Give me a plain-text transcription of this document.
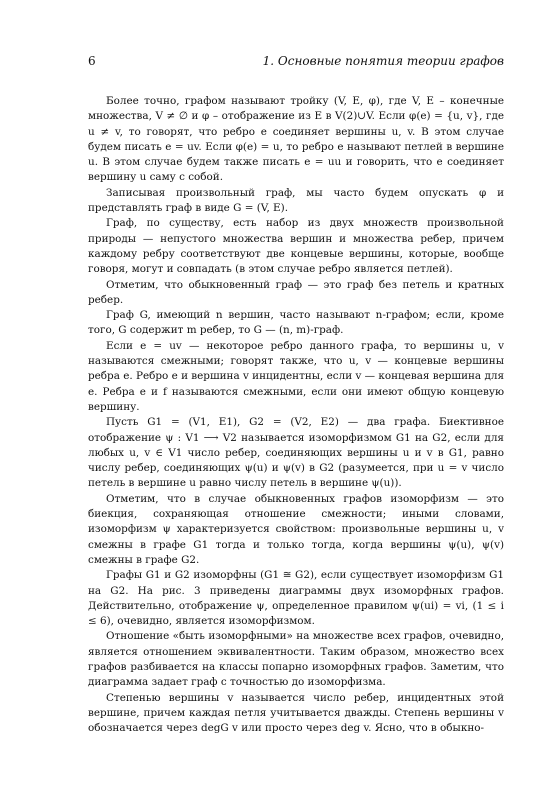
6	1. Основные понятия теории графов

Более точно, графом называют тройку (V, E, φ), где V, E – конечные множества, V ≠ ∅ и φ – отображение из E в V(2)∪V. Если φ(e) = {u, v}, где u ≠ v, то говорят, что ребро e соединяет вершины u, v. В этом случае будем писать e = uv. Если φ(e) = u, то ребро e называют петлей в вершине u. В этом случае будем также писать e = uu и говорить, что e соединяет вершину u саму с собой.

Записывая произвольный граф, мы часто будем опускать φ и представлять граф в виде G = (V, E).

Граф, по существу, есть набор из двух множеств произвольной природы — непустого множества вершин и множества ребер, причем каждому ребру соответствуют две концевые вершины, которые, вообще говоря, могут и совпадать (в этом случае ребро является петлей).

Отметим, что обыкновенный граф — это граф без петель и кратных ребер.

Граф G, имеющий n вершин, часто называют n-графом; если, кроме того, G содержит m ребер, то G — (n, m)-граф.

Если e = uv — некоторое ребро данного графа, то вершины u, v называются смежными; говорят также, что u, v — концевые вершины ребра e. Ребро e и вершина v инцидентны, если v — концевая вершина для e. Ребра e и f называются смежными, если они имеют общую концевую вершину.

Пусть G1 = (V1, E1), G2 = (V2, E2) — два графа. Биективное отображение ψ : V1 ⟶ V2 называется изоморфизмом G1 на G2, если для любых u, v ∈ V1 число ребер, соединяющих вершины u и v в G1, равно числу ребер, соединяющих ψ(u) и ψ(v) в G2 (разумеется, при u = v число петель в вершине u равно числу петель в вершине ψ(u)).

Отметим, что в случае обыкновенных графов изоморфизм — это биекция, сохраняющая отношение смежности; иными словами, изоморфизм ψ характеризуется свойством: произвольные вершины u, v смежны в графе G1 тогда и только тогда, когда вершины ψ(u), ψ(v) смежны в графе G2.

Графы G1 и G2 изоморфны (G1 ≅ G2), если существует изоморфизм G1 на G2. На рис. 3 приведены диаграммы двух изоморфных графов. Действительно, отображение ψ, определенное правилом ψ(ui) = vi, (1 ≤ i ≤ 6), очевидно, является изоморфизмом.

Отношение «быть изоморфными» на множестве всех графов, очевидно, является отношением эквивалентности. Таким образом, множество всех графов разбивается на классы попарно изоморфных графов. Заметим, что диаграмма задает граф с точностью до изоморфизма.

Степенью вершины v называется число ребер, инцидентных этой вершине, причем каждая петля учитывается дважды. Степень вершины v обозначается через degG v или просто через deg v. Ясно, что в обыкно-
